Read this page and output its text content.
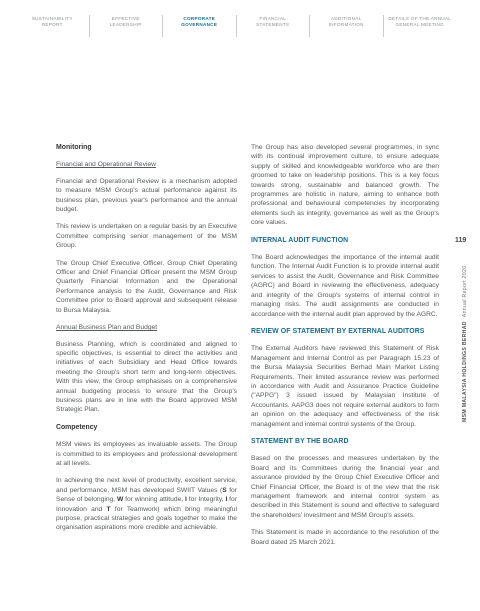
SUSTAINABILITY
REPORT
EFFECTIVE
LEADERSHIP
CORPORATE
GOVERNANCE
FINANCIAL
STATEMENTS
ADDITIONAL
INFORMATION
DETAILS OF THE ANNUAL
GENERAL MEETING
119
MSM MALAYSIA HOLDINGS BERHAD
Annual Report 2020
Monitoring
Financial and Operational Review

Financial and Operational Review is a mechanism adopted to measure MSM Group's actual performance against its business plan, previous year's performance and the annual budget.

This review is undertaken on a regular basis by an Executive Committee comprising senior management of the MSM Group.

The Group Chief Executive Officer, Group Chief Operating Officer and Chief Financial Officer present the MSM Group Quarterly Financial Information and the Operational Performance analysis to the Audit, Governance and Risk Committee prior to Board approval and subsequent release to Bursa Malaysia.

Annual Business Plan and Budget

Business Planning, which is coordinated and aligned to specific objectives, is essential to direct the activities and initiatives of each Subsidiary and Head Office towards meeting the Group's short term and long-term objectives. With this view, the Group emphasises on a comprehensive annual budgeting process to ensure that the Group's business plans are in line with the Board approved MSM Strategic Plan.

Competency

MSM views its employees as invaluable assets. The Group is committed to its employees and professional development at all levels.

In achieving the next level of productivity, excellent service, and performance, MSM has developed SWIIT Values (S for Sense of belonging, W for winning attitude, I for Integrity, I for Innovation and T for Teamwork) which bring meaningful purpose, practical strategies and goals together to make the organisation aspirations more credible and achievable.

The Group has also developed several programmes, in sync with its continual improvement culture, to ensure adequate supply of skilled and knowledgeable workforce who are then groomed to take on leadership positions. This is a key focus towards strong, sustainable and balanced growth. The programmes are holistic in nature, aiming to enhance both professional and behavioural competencies by incorporating elements such as integrity, governance as well as the Group's core values.

INTERNAL AUDIT FUNCTION

The Board acknowledges the importance of the internal audit function. The Internal Audit Function is to provide internal audit services to assist the Audit, Governance and Risk Committee (AGRC) and Board in reviewing the effectiveness, adequacy and integrity of the Group's systems of internal control in managing risks. The audit assignments are conducted in accordance with the internal audit plan approved by the AGRC.

REVIEW OF STATEMENT BY EXTERNAL AUDITORS

The External Auditors have reviewed this Statement of Risk Management and Internal Control as per Paragraph 15.23 of the Bursa Malaysia Securities Berhad Main Market Listing Requirements. Their limited assurance review was performed in accordance with Audit and Assurance Practice Guideline ("APPG") 3 issued issued by Malaysian Institute of Accountants. AAPG3 does not require external auditors to form an opinion on the adequacy and effectiveness of the risk management and internal control systems of the Group.

STATEMENT BY THE BOARD

Based on the processes and measures undertaken by the Board and its Committees during the financial year and assurance provided by the Group Chief Executive Officer and Chief Financial Officer, the Board is of the view that the risk management framework and internal control system as described in this Statement is sound and effective to safeguard the shareholders' investment and MSM Group's assets.

This Statement is made in accordance to the resolution of the Board dated 25 March 2021.
